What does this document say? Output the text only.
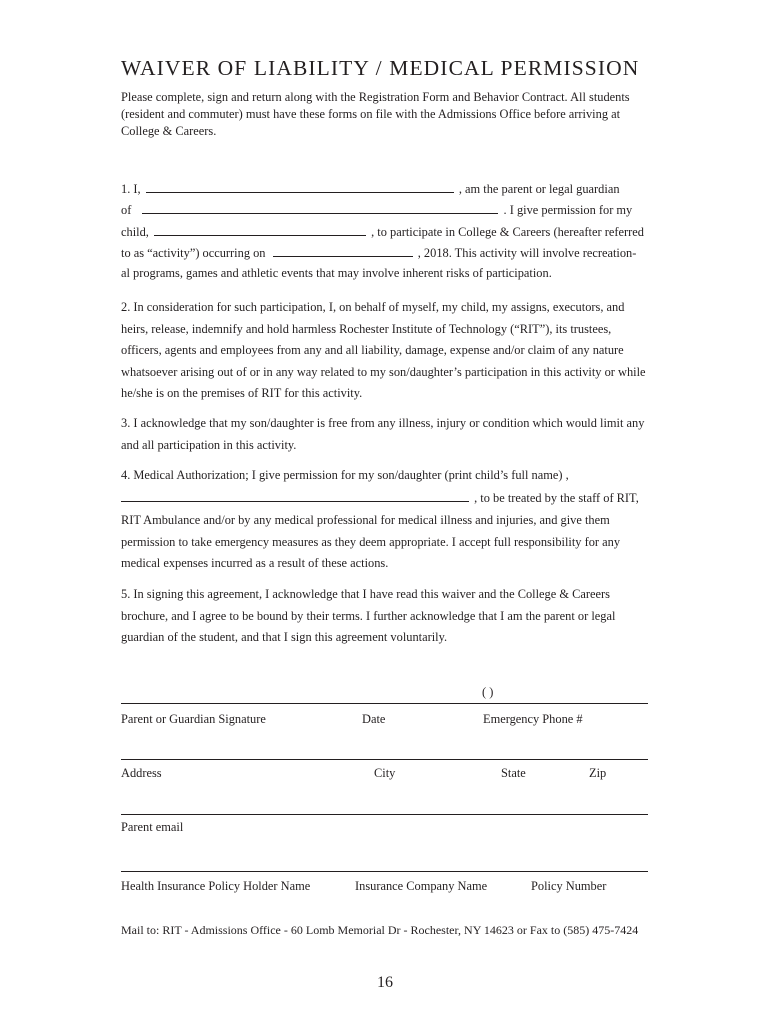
WAIVER OF LIABILITY / MEDICAL PERMISSION
Please complete, sign and return along with the Registration Form and Behavior Contract. All students (resident and commuter) must have these forms on file with the Admissions Office before arriving at College & Careers.
1. I,	, am the parent or legal guardian
of	. I give permission for my
child,	, to participate in College & Careers (hereafter referred
to as “activity”) occurring on	, 2018. This activity will involve recreation-
al programs, games and athletic events that may involve inherent risks of participation.
2. In consideration for such participation, I, on behalf of myself, my child, my assigns, executors, and heirs, release, indemnify and hold harmless Rochester Institute of Technology (“RIT”), its trustees, officers, agents and employees from any and all liability, damage, expense and/or claim of any nature whatsoever arising out of or in any way related to my son/daughter’s participation in this activity or while he/she is on the premises of RIT for this activity.
3. I acknowledge that my son/daughter is free from any illness, injury or condition which would limit any and all participation in this activity.
4. Medical Authorization; I give permission for my son/daughter (print child’s full name) ,
, to be treated by the staff of RIT,
RIT Ambulance and/or by any medical professional for medical illness and injuries, and give them permission to take emergency measures as they deem appropriate. I accept full responsibility for any medical expenses incurred as a result of these actions.
5. In signing this agreement, I acknowledge that I have read this waiver and the College & Careers brochure, and I agree to be bound by their terms. I further acknowledge that I am the parent or legal guardian of the student, and that I sign this agreement voluntarily.
( )
Parent or Guardian Signature	Date	Emergency Phone #
Address	City	State	Zip
Parent email
Health Insurance Policy Holder Name	Insurance Company Name	Policy Number
Mail to: RIT - Admissions Office - 60 Lomb Memorial Dr - Rochester, NY 14623 or Fax to (585) 475-7424
16
